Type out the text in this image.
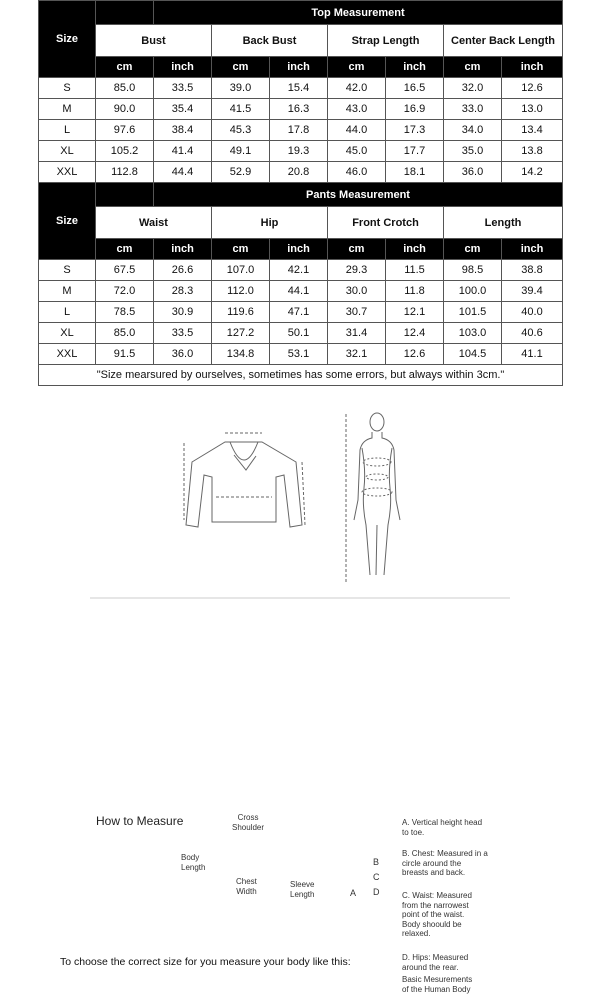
Size		Top Measurement						
	Bust		Back Bust		Strap Length		Center Back Length	
	cm	inch	cm	inch	cm	inch	cm	inch
S	85.0	33.5	39.0	15.4	42.0	16.5	32.0	12.6
M	90.0	35.4	41.5	16.3	43.0	16.9	33.0	13.0
L	97.6	38.4	45.3	17.8	44.0	17.3	34.0	13.4
XL	105.2	41.4	49.1	19.3	45.0	17.7	35.0	13.8
XXL	112.8	44.4	52.9	20.8	46.0	18.1	36.0	14.2
Size		Pants Measurement						
	Waist		Hip		Front Crotch		Length	
	cm	inch	cm	inch	cm	inch	cm	inch
S	67.5	26.6	107.0	42.1	29.3	11.5	98.5	38.8
M	72.0	28.3	112.0	44.1	30.0	11.8	100.0	39.4
L	78.5	30.9	119.6	47.1	30.7	12.1	101.5	40.0
XL	85.0	33.5	127.2	50.1	31.4	12.4	103.0	40.6
XXL	91.5	36.0	134.8	53.1	32.1	12.6	104.5	41.1
"Size mearsured by ourselves, sometimes has some errors, but always within 3cm."								
How to Measure	Cross
Shoulder
Body
Length
Chest
Width
Sleeve
Length	A
B
C
D
A. Vertical height head
to toe.
B. Chest: Measured in a
circle around the
breasts and back.
C. Waist: Measured
from the narrowest
point of the waist.
Body shoould be
relaxed.
D. Hips: Measured
around the rear.
Basic Mesurements
of the Human Body
To choose the correct size for you measure your body like this:
